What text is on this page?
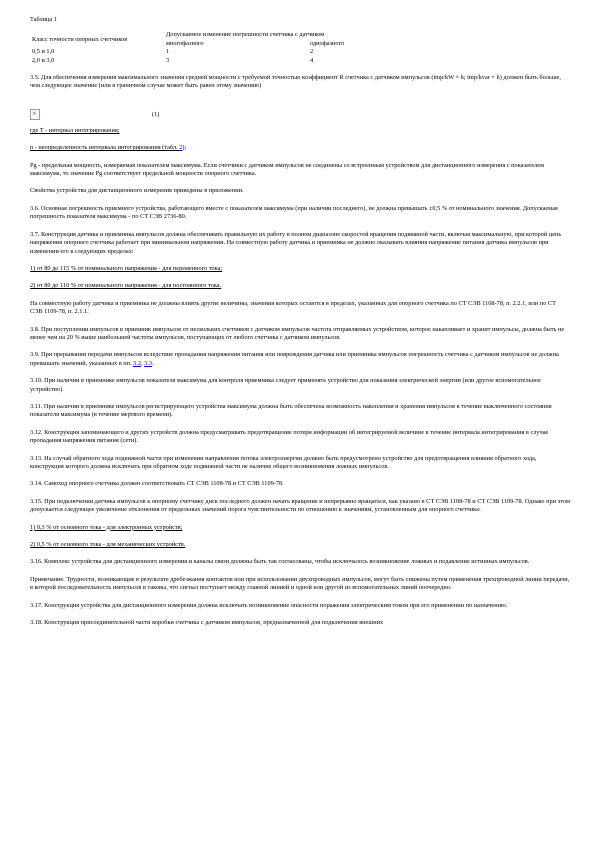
Таблица 1
Класс точности опорных счетчиков	Допускаемое изменение погрешности счетчика с датчиком	
	многофазного	однофазного
0,5 и 1,0	1	2
2,0 и 3,0	3	4

3.5. Для обеспечения измерения максимального значения средней мощности с требуемой точностью коэффициент R счетчика с датчиком импульсов (imp/kW × h; imp/kvar × h) должен быть больше, чем следующее значение (или в граничном случае может быть равен этому значению)

×
(1)

где T - интервал интегрирования;

n - неопределенность интервала интегрирования (табл. 2);

Pg - предельная мощность, измеряемая показателем максимума. Если счетчики с датчиком импульсов не соединены со встроенным устройством для дистанционного измерения с показателем максимума, то значение Pg соответствует предельной мощности опорного счетчика.

Свойства устройства для дистанционного измерения приведены в приложении.

3.6. Основная погрешность приемного устройства, работающего вместе с показателем максимума (при наличии последнего), не должна превышать ±0,5 % от номинального значения. Допускаемая погрешность показателя максимума - по СТ СЭВ 2736-80.

3.7. Конструкция датчика и приемника импульсов должна обеспечивать правильную их работу в полном диапазоне скоростей вращения подвижной части, включая максимальную, при которой цепь напряжения опорного счетчика работает при минимальном напряжении. На совместную работу датчика и приемника не должно оказывать влияния напряжение питания датчика импульсов при изменении его в следующих пределах:

1) от 80 до 115 % от номинального напряжения - для переменного тока;

2) от 80 до 110 % от номинального напряжения - для постоянного тока.

На совместную работу датчика и приемника не должны влиять другие величины, значения которых остаются в пределах, указанных для опорного счетчика по СТ СЭВ 1108-78, п. 2.2.1, или по СТ СЭВ 1109-78, п. 2.1.1.

3.8. При поступлении импульсов в приемник импульсов от нескольких счетчиков с датчиком импульсов частота отправляемых устройством, которое накапливает и хранит импульсы, должна быть не менее чем на 20 % выше наибольшей частоты импульсов, поступающих от любого счетчика с датчиком импульсов.

3.9. При прерывании передачи импульсов вследствие пропадания напряжения питания или повреждения датчика или приемника импульсов погрешность счетчика с датчиком импульсов не должна превышать значений, указанных в пп. 3.2, 3.3.

3.10. При наличии в приемнике импульсов показателя максимума для контроля приемника следует применять устройство для показания электрической энергии (или другое вспомогательное устройство).

3.11. При наличии в приемнике импульсов регистрирующего устройства максимума должна быть обеспечена возможность накопления и хранения импульсов в течение выключенного состояния показателя максимума (в течение мертвого времени).

3.12. Конструкция запоминающего и других устройств должна предусматривать предотвращение потери информации об интегрируемой величине в течение интервала интегрирования в случае пропадания напряжения питания (сети).

3.13. На случай обратного хода подвижной части при изменении направления потока электроэнергии должно быть предусмотрено устройство для предотвращения влияния обратного хода, конструкция которого должна исключать при обратном ходе подвижной части не наличие общего возникновения ложных импульсов.

3.14. Самоход опорного счетчика должен соответствовать СТ СЭВ 1108-78 и СТ СЭВ 1109-78.

3.15. При подключении датчика импульсов к опорному счетчику диск последнего должен начать вращение и непрерывно вращаться, как указано в СТ СЭВ 1108-78 и СТ СЭВ 1109-78. Однако при этом допускается следующее увеличение отклонения от предельных значений порога чувствительности по отношению к значениям, установленным для опорного счетчика:

1) 0,3 % от основного тока - для электронных устройств;

2) 0,5 % от основного тока - для механических устройств.

3.16. Комплекс устройства для дистанционного измерения и каналы связи должны быть так согласованы, чтобы исключалось возникновение ложных и подавление истинных импульсов.

Примечание. Трудности, возникающие в результате дребезжания контактов или при использовании двухпроводных импульсов, могут быть снижены путем применения трехпроводной линии передачи, в которой последовательность импульсов в таковы, что сигнал поступает между главной линией и одной или другой из вспомогательных линий поочередно.

3.17. Конструкция устройства для дистанционного измерения должна исключать возникновение опасности поражения электрическим током при его применении по назначению.

3.18. Конструкция присоединительной части коробки счетчика с датчиком импульсов, предназначенной для подключения внешних
